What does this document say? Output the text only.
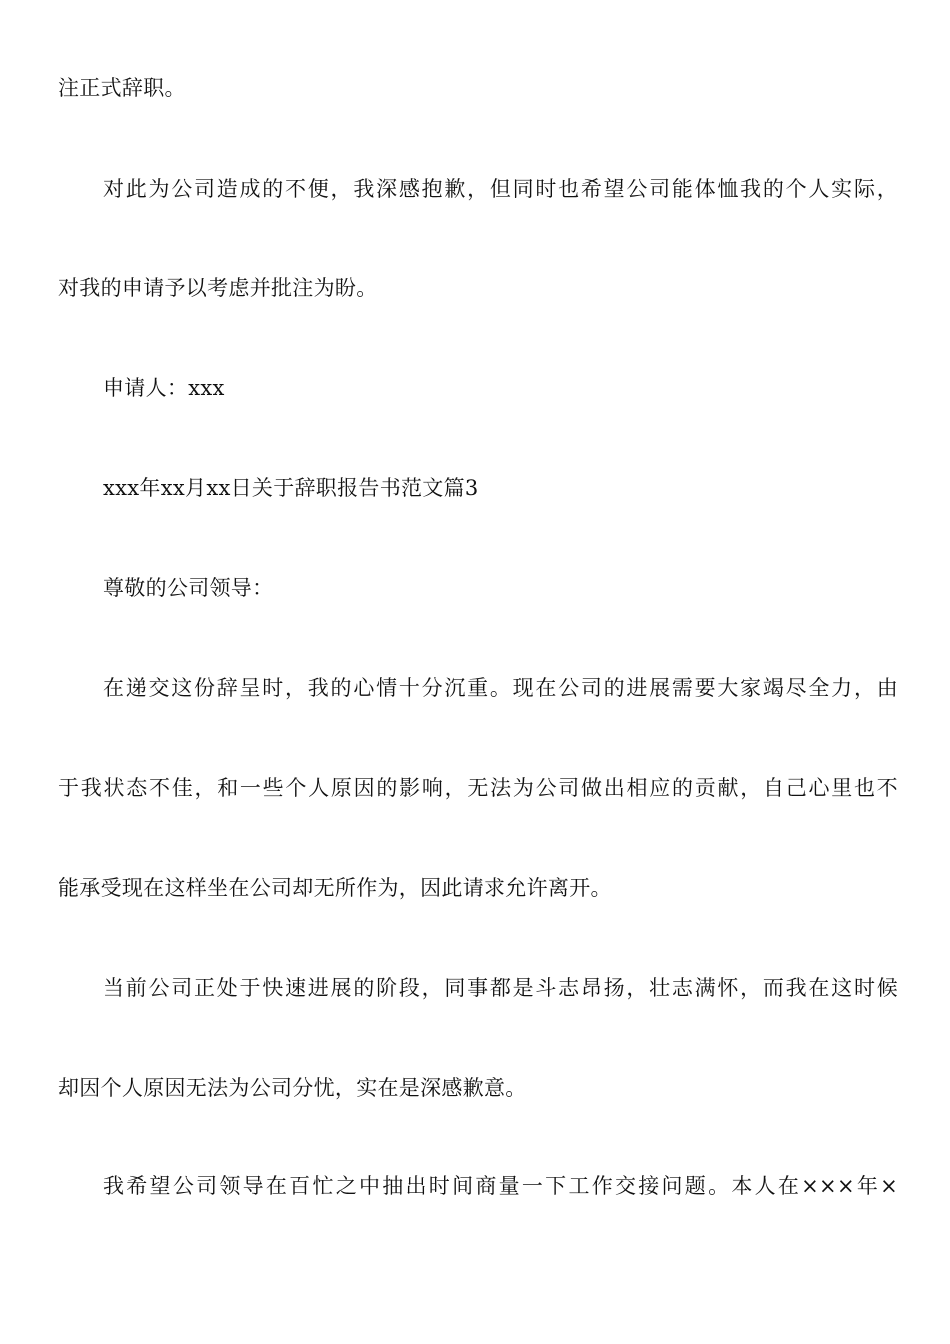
注正式辞职。
对此为公司造成的不便，我深感抱歉，但同时也希望公司能体恤我的个人实际，
对我的申请予以考虑并批注为盼。
申请人：xxx
xxx年xx月xx日关于辞职报告书范文篇3
尊敬的公司领导：
在递交这份辞呈时，我的心情十分沉重。现在公司的进展需要大家竭尽全力，由
于我状态不佳，和一些个人原因的影响，无法为公司做出相应的贡献，自己心里也不
能承受现在这样坐在公司却无所作为，因此请求允许离开。
当前公司正处于快速进展的阶段，同事都是斗志昂扬，壮志满怀，而我在这时候
却因个人原因无法为公司分忧，实在是深感歉意。
我希望公司领导在百忙之中抽出时间商量一下工作交接问题。本人在×××年×
